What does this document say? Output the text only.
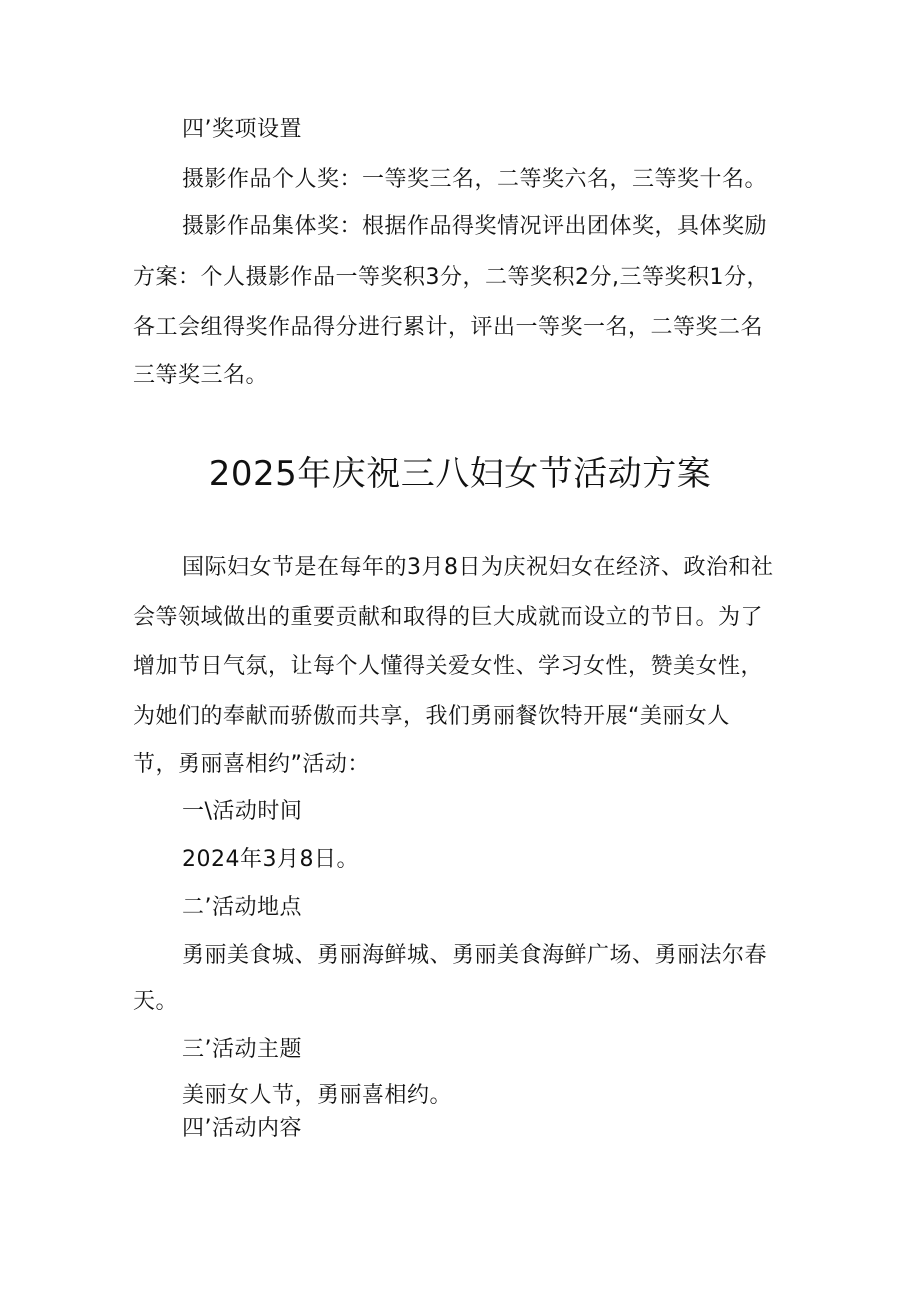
四’奖项设置
摄影作品个人奖：一等奖三名，二等奖六名，三等奖十名。
摄影作品集体奖：根据作品得奖情况评出团体奖，具体奖励
方案：个人摄影作品一等奖积3分，二等奖积2分,三等奖积1分，
各工会组得奖作品得分进行累计，评出一等奖一名，二等奖二名
三等奖三名。
2025年庆祝三八妇女节活动方案
国际妇女节是在每年的3月8日为庆祝妇女在经济、政治和社
会等领域做出的重要贡献和取得的巨大成就而设立的节日。为了
增加节日气氛，让每个人懂得关爱女性、学习女性，赞美女性，
为她们的奉献而骄傲而共享，我们勇丽餐饮特开展“美丽女人
节，勇丽喜相约”活动：
一\活动时间
2024年3月8日。
二’活动地点
勇丽美食城、勇丽海鲜城、勇丽美食海鲜广场、勇丽法尔春
天。
三’活动主题
美丽女人节，勇丽喜相约。
四’活动内容
